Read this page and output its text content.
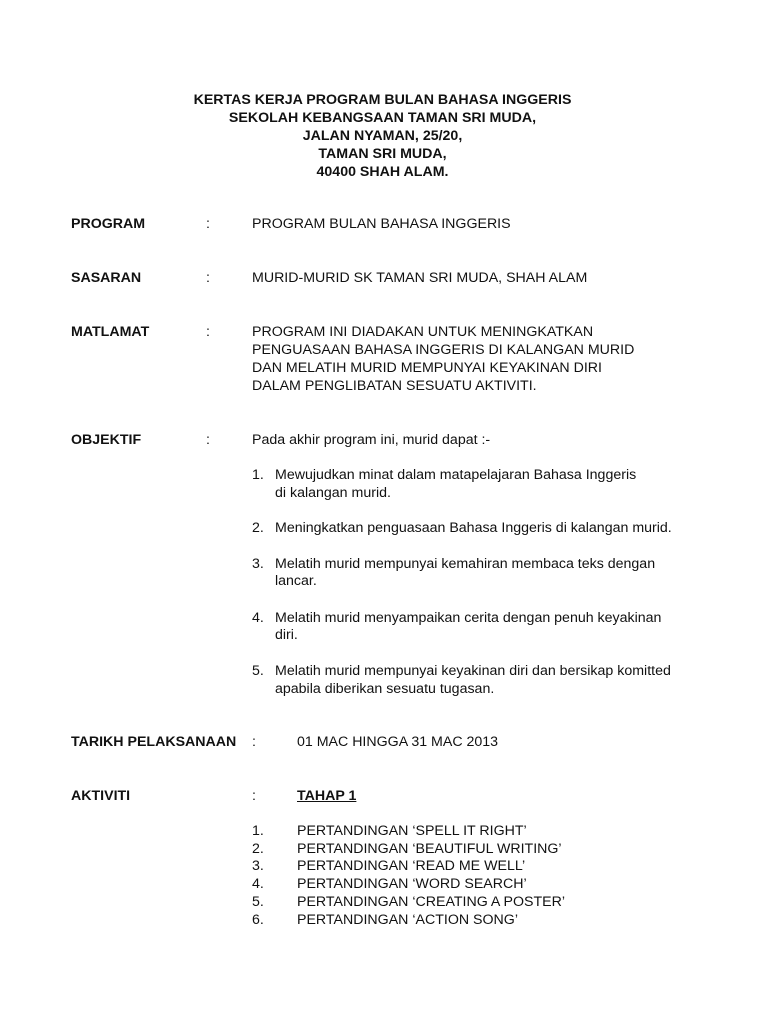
KERTAS KERJA PROGRAM BULAN BAHASA INGGERIS
SEKOLAH KEBANGSAAN TAMAN SRI MUDA,
JALAN NYAMAN, 25/20,
TAMAN SRI MUDA,
40400 SHAH ALAM.
PROGRAM	:	PROGRAM BULAN BAHASA INGGERIS
SASARAN	:	MURID-MURID SK TAMAN SRI MUDA, SHAH ALAM
MATLAMAT	:	PROGRAM INI DIADAKAN UNTUK MENINGKATKAN
PENGUASAAN BAHASA INGGERIS DI KALANGAN MURID
DAN MELATIH MURID MEMPUNYAI KEYAKINAN DIRI
DALAM PENGLIBATAN SESUATU AKTIVITI.
OBJEKTIF	:	Pada akhir program ini, murid dapat :-
1. Mewujudkan minat dalam matapelajaran Bahasa Inggeris
di kalangan murid.
2. Meningkatkan penguasaan Bahasa Inggeris di kalangan murid.
3. Melatih murid mempunyai kemahiran membaca teks dengan
lancar.
4. Melatih murid menyampaikan cerita dengan penuh keyakinan
diri.
5. Melatih murid mempunyai keyakinan diri dan bersikap komitted
apabila diberikan sesuatu tugasan.
TARIKH PELAKSANAAN :	01 MAC HINGGA 31 MAC 2013
AKTIVITI	:	TAHAP 1
1. PERTANDINGAN ‘SPELL IT RIGHT’
2. PERTANDINGAN ‘BEAUTIFUL WRITING’
3. PERTANDINGAN ‘READ ME WELL’
4. PERTANDINGAN ‘WORD SEARCH’
5. PERTANDINGAN ‘CREATING A POSTER’
6. PERTANDINGAN ‘ACTION SONG’
